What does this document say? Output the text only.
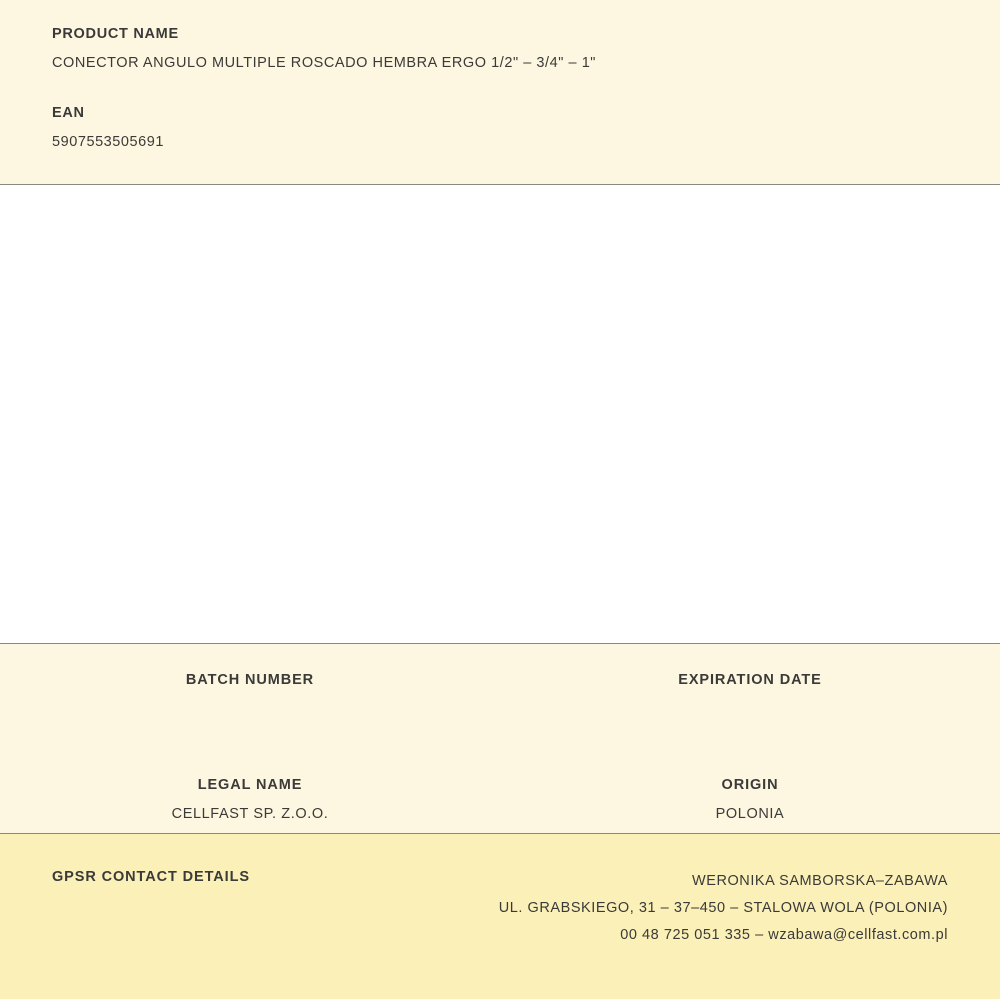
PRODUCT NAME
CONECTOR ANGULO MULTIPLE ROSCADO HEMBRA ERGO 1/2" – 3/4" – 1"
EAN
5907553505691
BATCH NUMBER	EXPIRATION DATE
LEGAL NAME
CELLFAST SP. Z.O.O.
ORIGIN
POLONIA
GPSR CONTACT DETAILS	WERONIKA SAMBORSKA–ZABAWA
UL. GRABSKIEGO, 31 – 37–450 – STALOWA WOLA (POLONIA)
00 48 725 051 335 – wzabawa@cellfast.com.pl
